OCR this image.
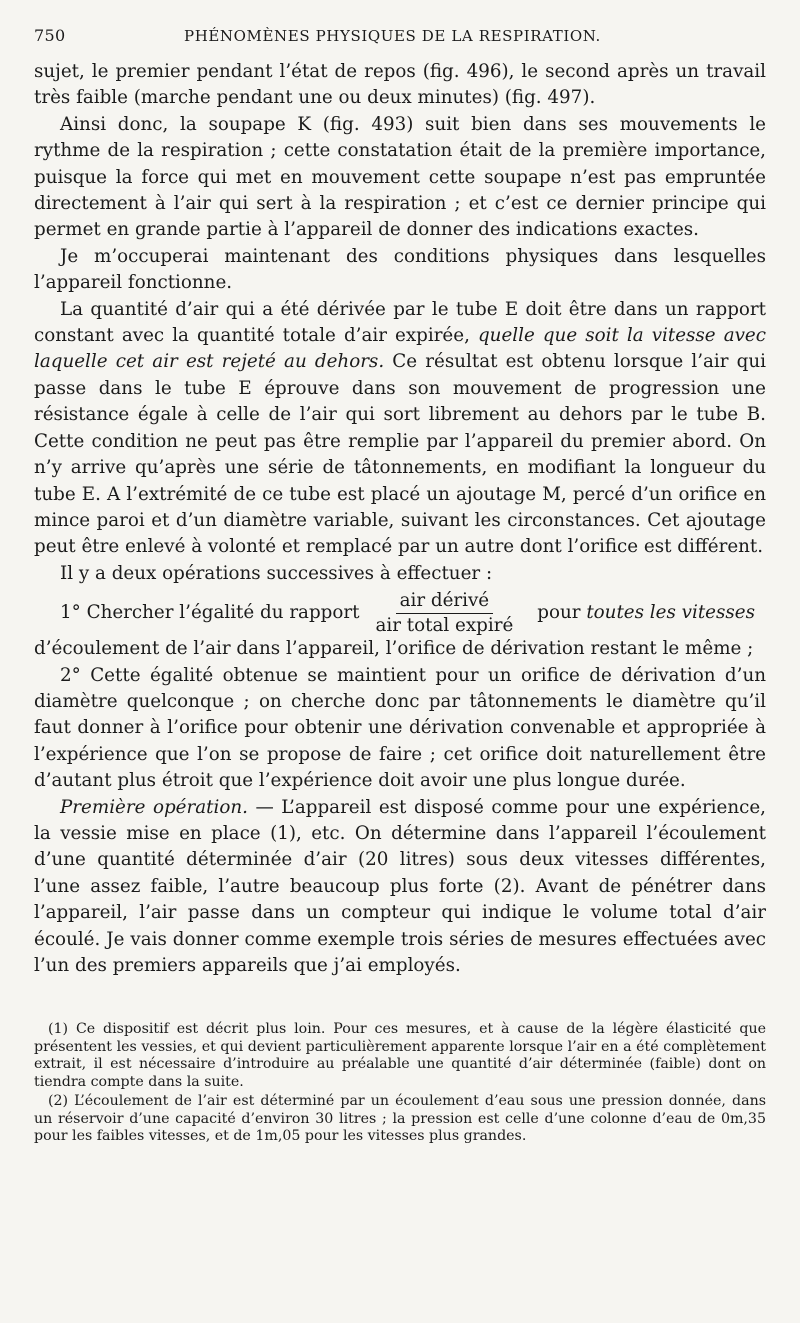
750	PHÉNOMÈNES PHYSIQUES DE LA RESPIRATION.

sujet, le premier pendant l’état de repos (fig. 496), le second après un travail très faible (marche pendant une ou deux minutes) (fig. 497).

Ainsi donc, la soupape K (fig. 493) suit bien dans ses mouvements le rythme de la respiration ; cette constatation était de la première importance, puisque la force qui met en mouvement cette soupape n’est pas empruntée directement à l’air qui sert à la respiration ; et c’est ce dernier principe qui permet en grande partie à l’appareil de donner des indications exactes.

Je m’occuperai maintenant des conditions physiques dans lesquelles l’appareil fonctionne.

La quantité d’air qui a été dérivée par le tube E doit être dans un rapport constant avec la quantité totale d’air expirée, quelle que soit la vitesse avec laquelle cet air est rejeté au dehors. Ce résultat est obtenu lorsque l’air qui passe dans le tube E éprouve dans son mouvement de progression une résistance égale à celle de l’air qui sort librement au dehors par le tube B. Cette condition ne peut pas être remplie par l’appareil du premier abord. On n’y arrive qu’après une série de tâtonnements, en modifiant la longueur du tube E. A l’extrémité de ce tube est placé un ajoutage M, percé d’un orifice en mince paroi et d’un diamètre variable, suivant les circonstances. Cet ajoutage peut être enlevé à volonté et remplacé par un autre dont l’orifice est différent.

Il y a deux opérations successives à effectuer :

1° Chercher l’égalité du rapport $\frac{\text{air dérivé}}{\text{air total expiré}}$ pour toutes les vitesses

d’écoulement de l’air dans l’appareil, l’orifice de dérivation restant le même ;

2° Cette égalité obtenue se maintient pour un orifice de dérivation d’un diamètre quelconque ; on cherche donc par tâtonnements le diamètre qu’il faut donner à l’orifice pour obtenir une dérivation convenable et appropriée à l’expérience que l’on se propose de faire ; cet orifice doit naturellement être d’autant plus étroit que l’expérience doit avoir une plus longue durée.

Première opération. — L’appareil est disposé comme pour une expérience, la vessie mise en place (1), etc. On détermine dans l’appareil l’écoulement d’une quantité déterminée d’air (20 litres) sous deux vitesses différentes, l’une assez faible, l’autre beaucoup plus forte (2). Avant de pénétrer dans l’appareil, l’air passe dans un compteur qui indique le volume total d’air écoulé. Je vais donner comme exemple trois séries de mesures effectuées avec l’un des premiers appareils que j’ai employés.

(1) Ce dispositif est décrit plus loin. Pour ces mesures, et à cause de la légère élasticité que présentent les vessies, et qui devient particulièrement apparente lorsque l’air en a été complètement extrait, il est nécessaire d’introduire au préalable une quantité d’air déterminée (faible) dont on tiendra compte dans la suite.

(2) L’écoulement de l’air est déterminé par un écoulement d’eau sous une pression donnée, dans un réservoir d’une capacité d’environ 30 litres ; la pression est celle d’une colonne d’eau de 0m,35 pour les faibles vitesses, et de 1m,05 pour les vitesses plus grandes.
